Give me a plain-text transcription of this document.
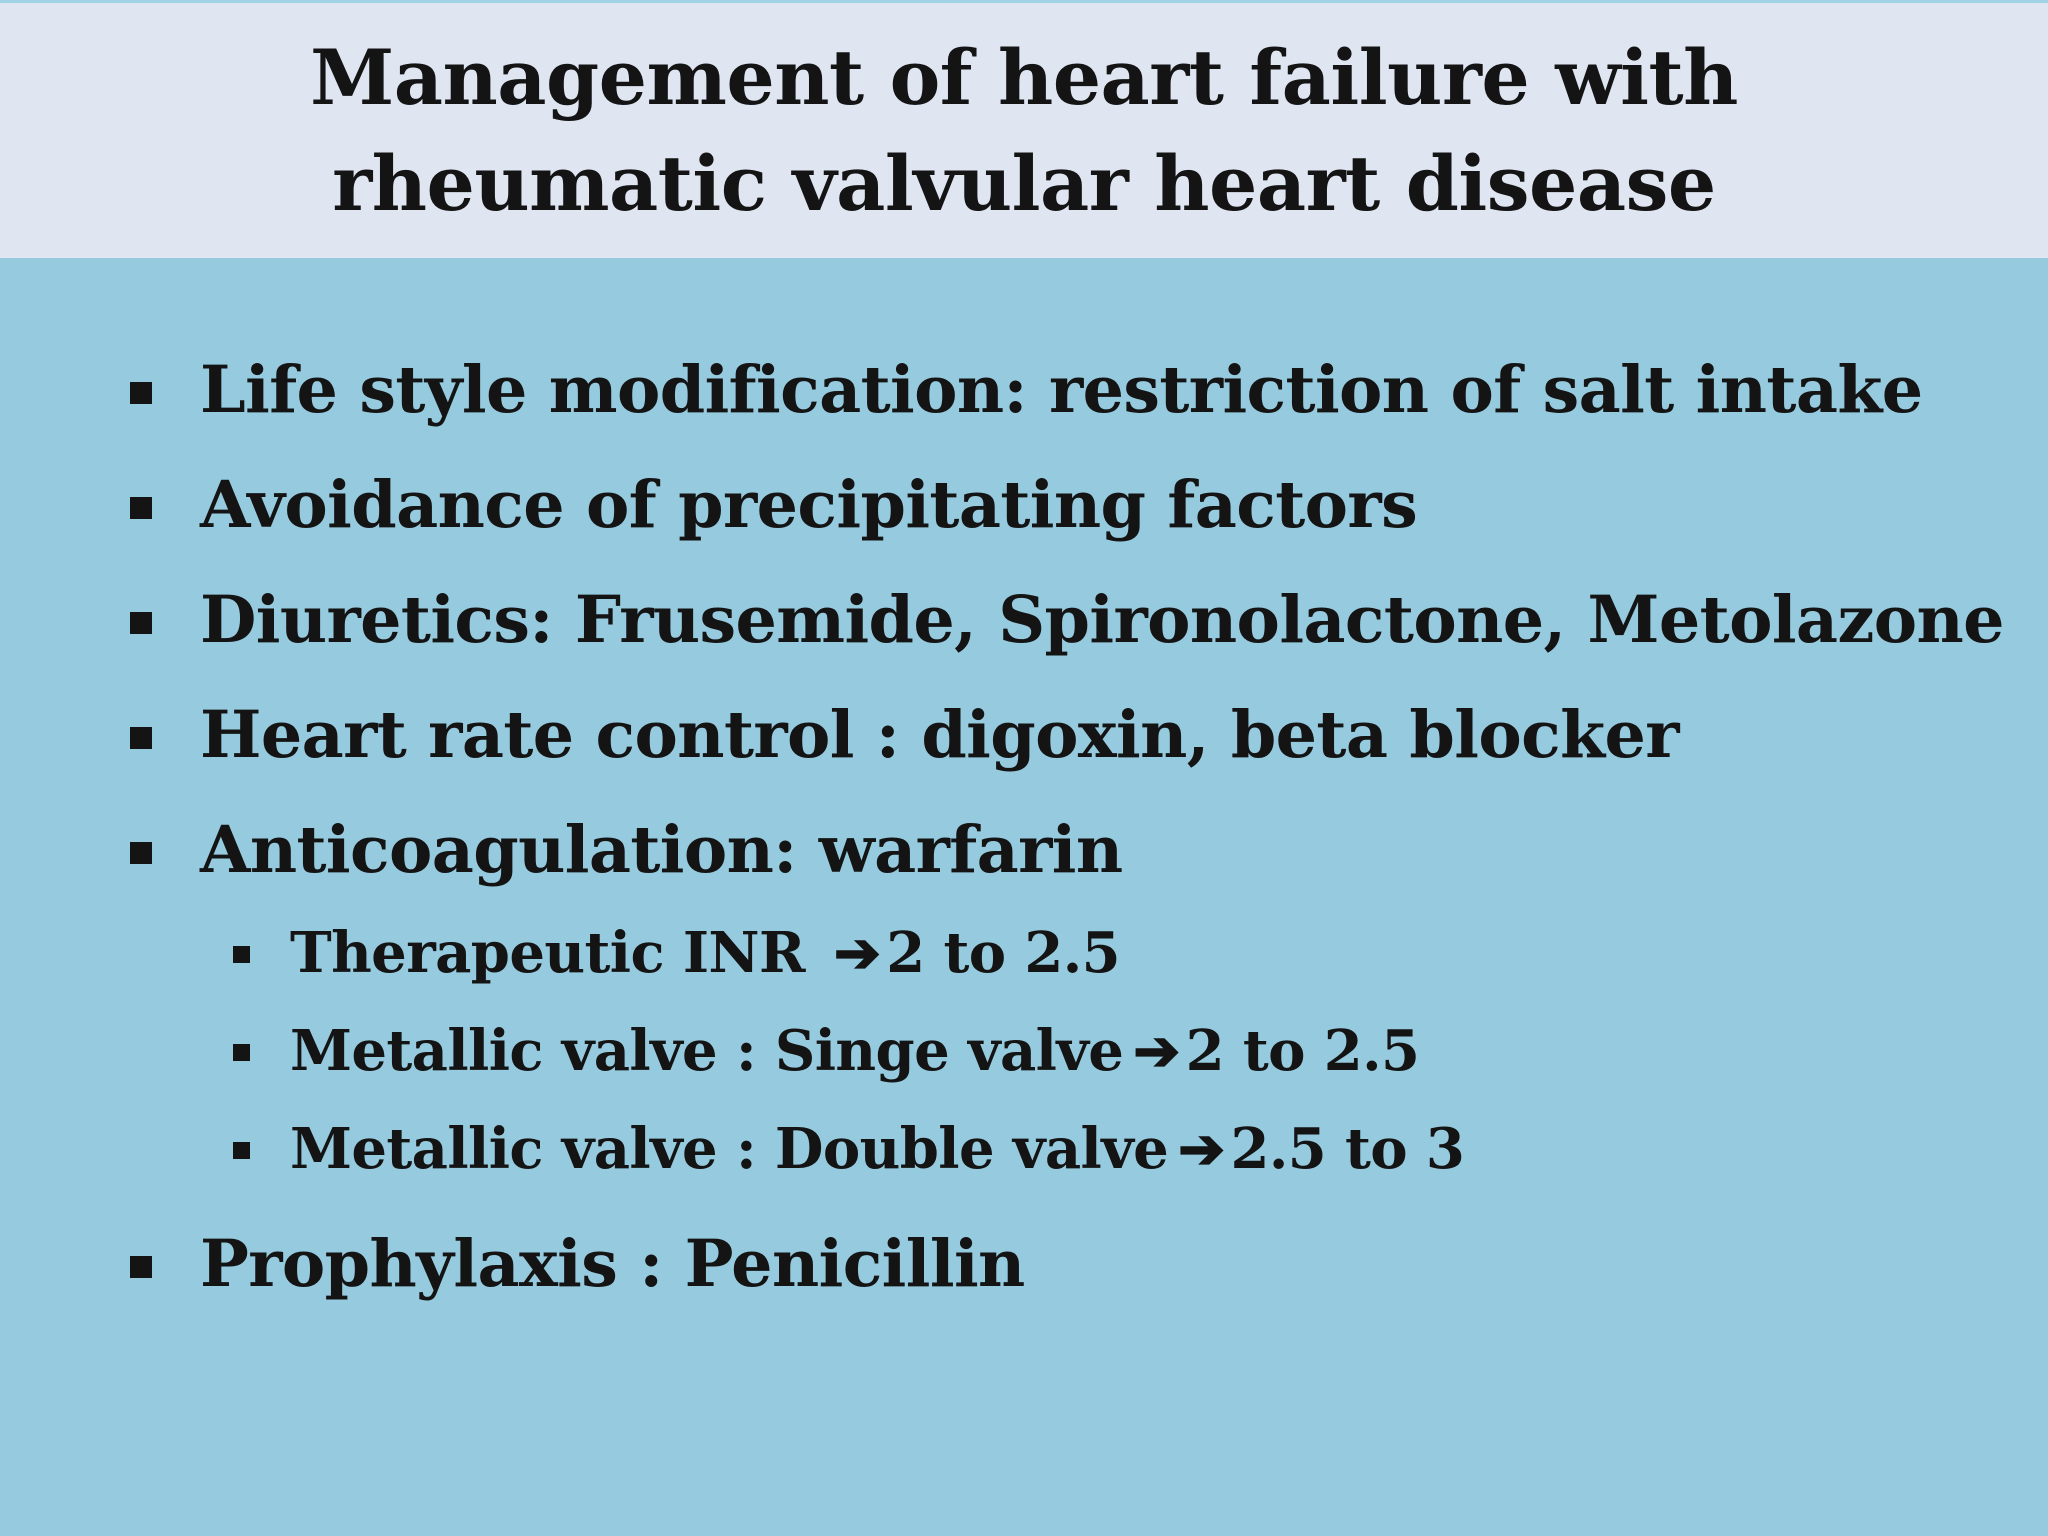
Management of heart failure with
rheumatic valvular heart disease
Life style modification: restriction of salt intake
Avoidance of precipitating factors
Diuretics: Frusemide, Spironolactone, Metolazone
Heart rate control : digoxin, beta blocker
Anticoagulation: warfarin
Therapeutic INR ➔ 2 to 2.5
Metallic valve : Singe valve ➔ 2 to 2.5
Metallic valve : Double valve ➔ 2.5 to 3
Prophylaxis : Penicillin
